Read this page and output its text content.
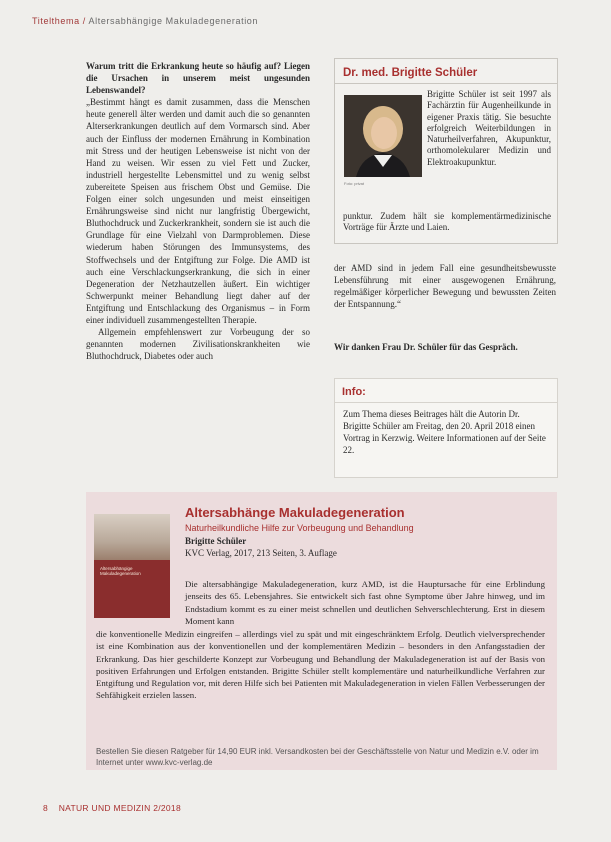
Titelthema / Altersabhängige Makuladegeneration

Warum tritt die Erkrankung heute so häufig auf? Liegen die Ursachen in unserem meist ungesunden Lebenswandel?

„Bestimmt hängt es damit zusammen, dass die Menschen heute generell älter werden und damit auch die so genannten Alterserkrankungen deutlich auf dem Vormarsch sind. Aber auch der Einfluss der modernen Ernährung in Kombination mit Stress und der heutigen Lebensweise ist nicht von der Hand zu weisen. Wir essen zu viel Fett und Zucker, industriell hergestellte Lebensmittel und zu wenig selbst zubereitete Speisen aus frischem Obst und Gemüse. Die Folgen einer solch ungesunden und meist einseitigen Ernährungsweise sind nicht nur langfristig Übergewicht, Bluthochdruck und Zuckerkrankheit, sondern sie ist auch die Grundlage für eine Vielzahl von Darmproblemen. Diese wiederum haben Störungen des Immunsystems, des Stoffwechsels und der Entgiftung zur Folge. Die AMD ist auch eine Verschlackungserkrankung, die sich in einer Degeneration der Netzhautzellen äußert. Ein wichtiger Schwerpunkt meiner Behandlung liegt daher auf der Entgiftung und Entschlackung des Organismus – in Form einer individuell zusammengestellten Therapie.

Allgemein empfehlenswert zur Vorbeugung der so genannten modernen Zivilisationskrankheiten wie Bluthochdruck, Diabetes oder auch

Dr. med. Brigitte Schüler
Foto: privat

Brigitte Schüler ist seit 1997 als Fachärztin für Augenheilkunde in eigener Praxis tätig. Sie besuchte erfolgreich Weiterbildungen in Naturheilverfahren, Akupunktur, orthomolekularer Medizin und Elektroakupunktur.

punktur. Zudem hält sie komplementärmedizinische Vorträge für Ärzte und Laien.

der AMD sind in jedem Fall eine gesundheitsbewusste Lebensführung mit einer ausgewogenen Ernährung, regelmäßiger körperlicher Bewegung und bewussten Zeiten der Entspannung.“

Wir danken Frau Dr. Schüler für das Gespräch.

Info:

Zum Thema dieses Beitrages hält die Autorin Dr. Brigitte Schüler am Freitag, den 20. April 2018 einen Vortrag in Kerzwig. Weitere Informationen auf der Seite 22.

Altersabhängige Makuladegeneration
Altersabhänge Makuladegeneration
Naturheilkundliche Hilfe zur Vorbeugung und Behandlung
Brigitte Schüler
KVC Verlag, 2017, 213 Seiten, 3. Auflage

Die altersabhängige Makuladegeneration, kurz AMD, ist die Hauptursache für eine Erblindung jenseits des 65. Lebensjahres. Sie entwickelt sich fast ohne Symptome über Jahre hinweg, und im Endstadium kommt es zu einer meist schnellen und deutlichen Sehverschlechterung. Erst in diesem Moment kann

die konventionelle Medizin eingreifen – allerdings viel zu spät und mit eingeschränktem Erfolg. Deutlich vielversprechender ist eine Kombination aus der konventionellen und der komplementären Medizin – besonders in den Anfangsstadien der Erkrankung. Das hier geschilderte Konzept zur Vorbeugung und Behandlung der Makuladegeneration ist auf der Basis von positiven Erfahrungen und Erfolgen entstanden. Brigitte Schüler stellt komplementäre und naturheilkundliche Verfahren zur Entgiftung und Regulation vor, mit deren Hilfe sich bei Patienten mit Makuladegeneration in vielen Fällen Verbesserungen der Sehfähigkeit erzielen lassen.

Bestellen Sie diesen Ratgeber für 14,90 EUR inkl. Versandkosten bei der Geschäftsstelle von Natur und Medizin e.V. oder im Internet unter www.kvc-verlag.de

8 NATUR UND MEDIZIN 2/2018
